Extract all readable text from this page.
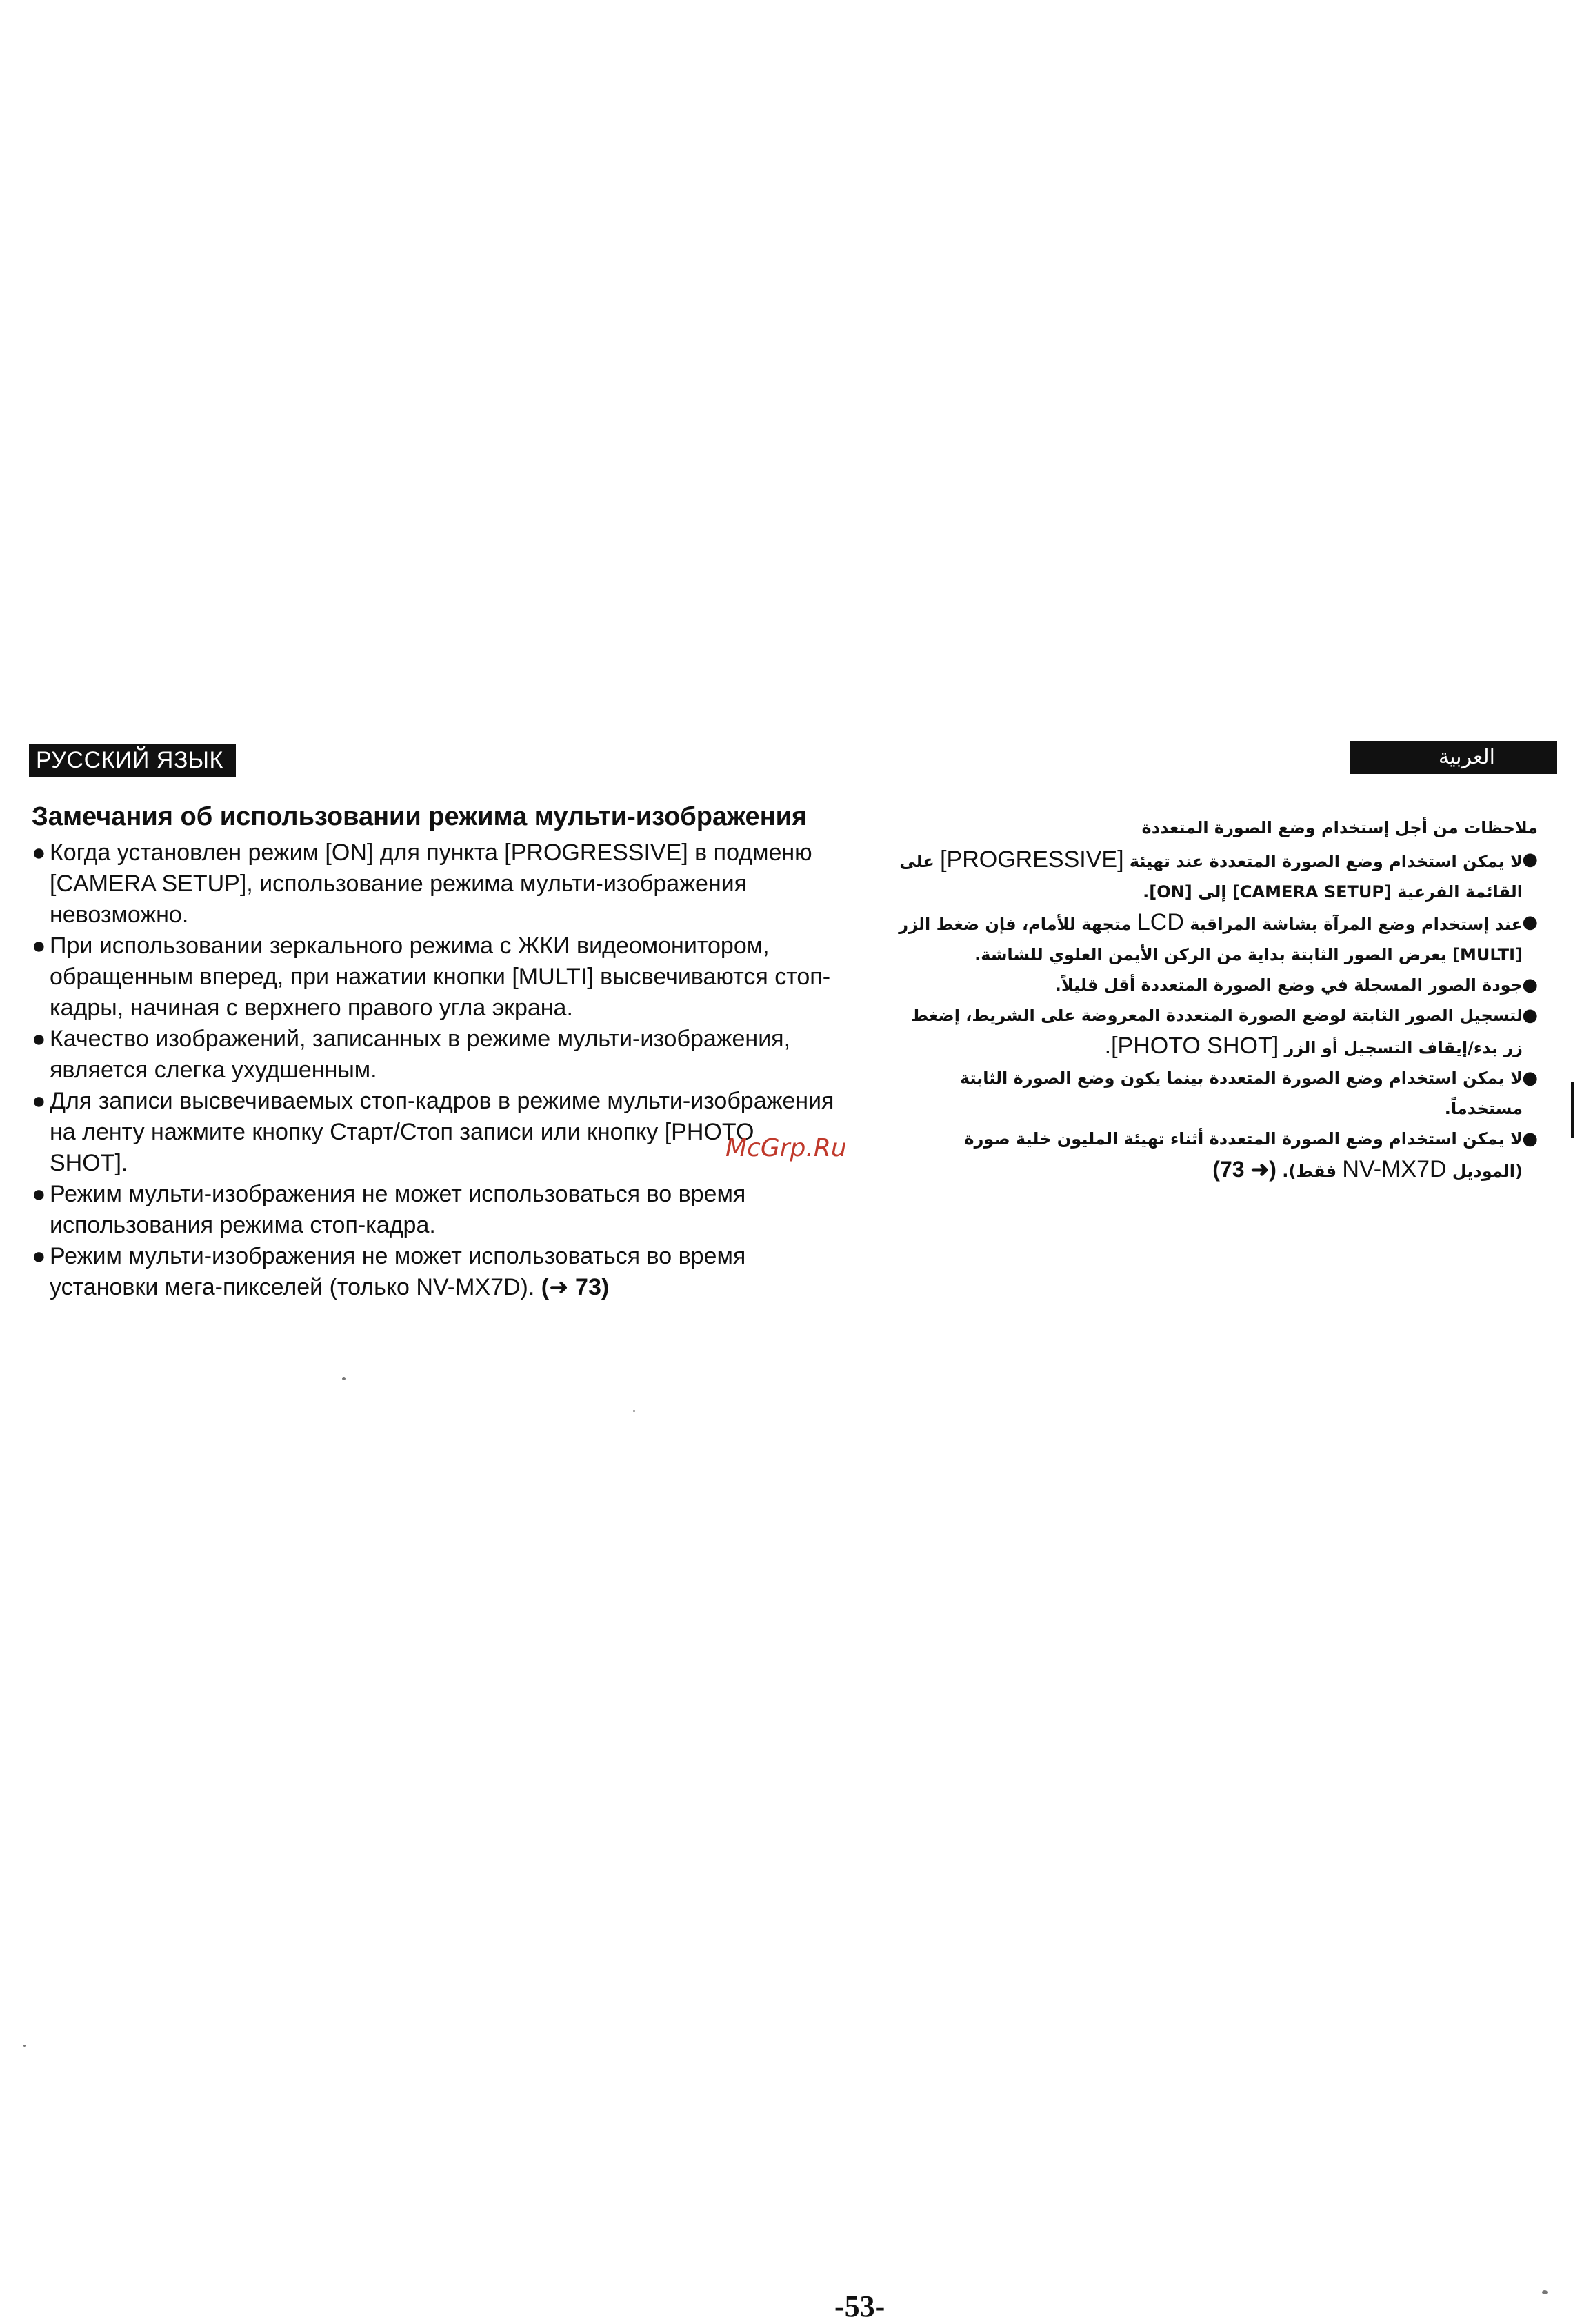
РУССКИЙ ЯЗЫК	العربية
Замечания об использовании режима мульти-изображения
● Когда установлен режим [ON] для пункта [PROGRESSIVE] в подменю [CAMERA SETUP], использование режима мульти-изображения невозможно.
● При использовании зеркального режима с ЖКИ видеомонитором, обращенным вперед, при нажатии кнопки [MULTI] высвечиваются стоп-кадры, начиная с верхнего правого угла экрана.
● Качество изображений, записанных в режиме мульти-изображения, является слегка ухудшенным.
● Для записи высвечиваемых стоп-кадров в режиме мульти-изображения на ленту нажмите кнопку Старт/Стоп записи или кнопку [PHOTO SHOT].
● Режим мульти-изображения не может использоваться во время использования режима стоп-кадра.
● Режим мульти-изображения не может использоваться во время установки мега-пикселей (только NV-MX7D). (➜ 73)
ملاحظات من أجل إستخدام وضع الصورة المتعددة
●
لا يمكن استخدام وضع الصورة المتعددة عند تهيئة [PROGRESSIVE] على القائمة الفرعية [CAMERA SETUP] إلى [ON].
●
عند إستخدام وضع المرآة بشاشة المراقبة LCD متجهة للأمام، فإن ضغط الزر [MULTI] يعرض الصور الثابتة بداية من الركن الأيمن العلوي للشاشة.
●
جودة الصور المسجلة في وضع الصورة المتعددة أقل قليلاً.
●
لتسجيل الصور الثابتة لوضع الصورة المتعددة المعروضة على الشريط، إضغط زر بدء/إيقاف التسجيل أو الزر [PHOTO SHOT].
●
لا يمكن استخدام وضع الصورة المتعددة بينما يكون وضع الصورة الثابتة مستخدماً.
●
لا يمكن استخدام وضع الصورة المتعددة أثناء تهيئة المليون خلية صورة (الموديل NV-MX7D فقط). (➜ 73)
McGrp.Ru
-53-
